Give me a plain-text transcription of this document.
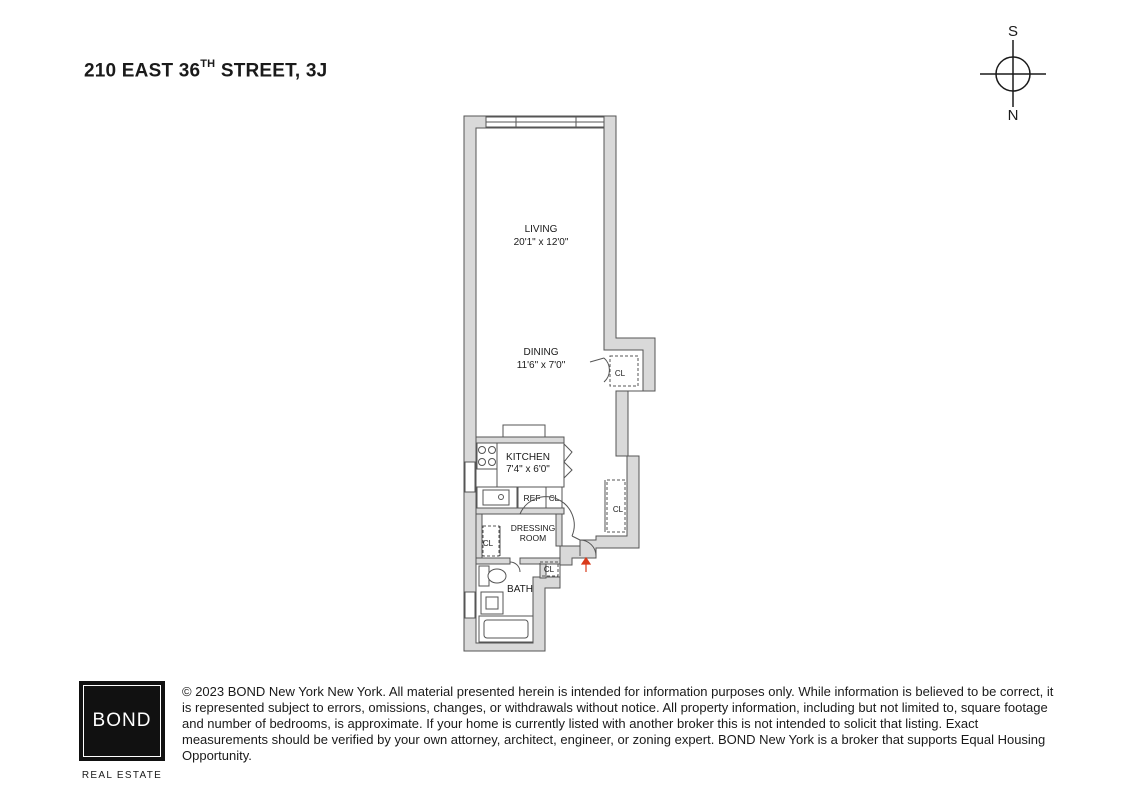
210 EAST 36TH STREET, 3J
S
N
REF CL
CL
CL
CL
CL
LIVING
20'1" x 12'0"
DINING
11'6" x 7'0"
KITCHEN
7'4" x 6'0"
DRESSING
ROOM
BATH
BOND
REAL ESTATE

© 2023 BOND New York New York. All material presented herein is intended for information purposes only. While information is believed to be correct, it is represented subject to errors, omissions, changes, or withdrawals without notice. All property information, including but not limited to, square footage and number of bedrooms, is approximate. If your home is currently listed with another broker this is not intended to solicit that listing. Exact measurements should be verified by your own attorney, architect, engineer, or zoning expert. BOND New York is a broker that supports Equal Housing Opportunity.
